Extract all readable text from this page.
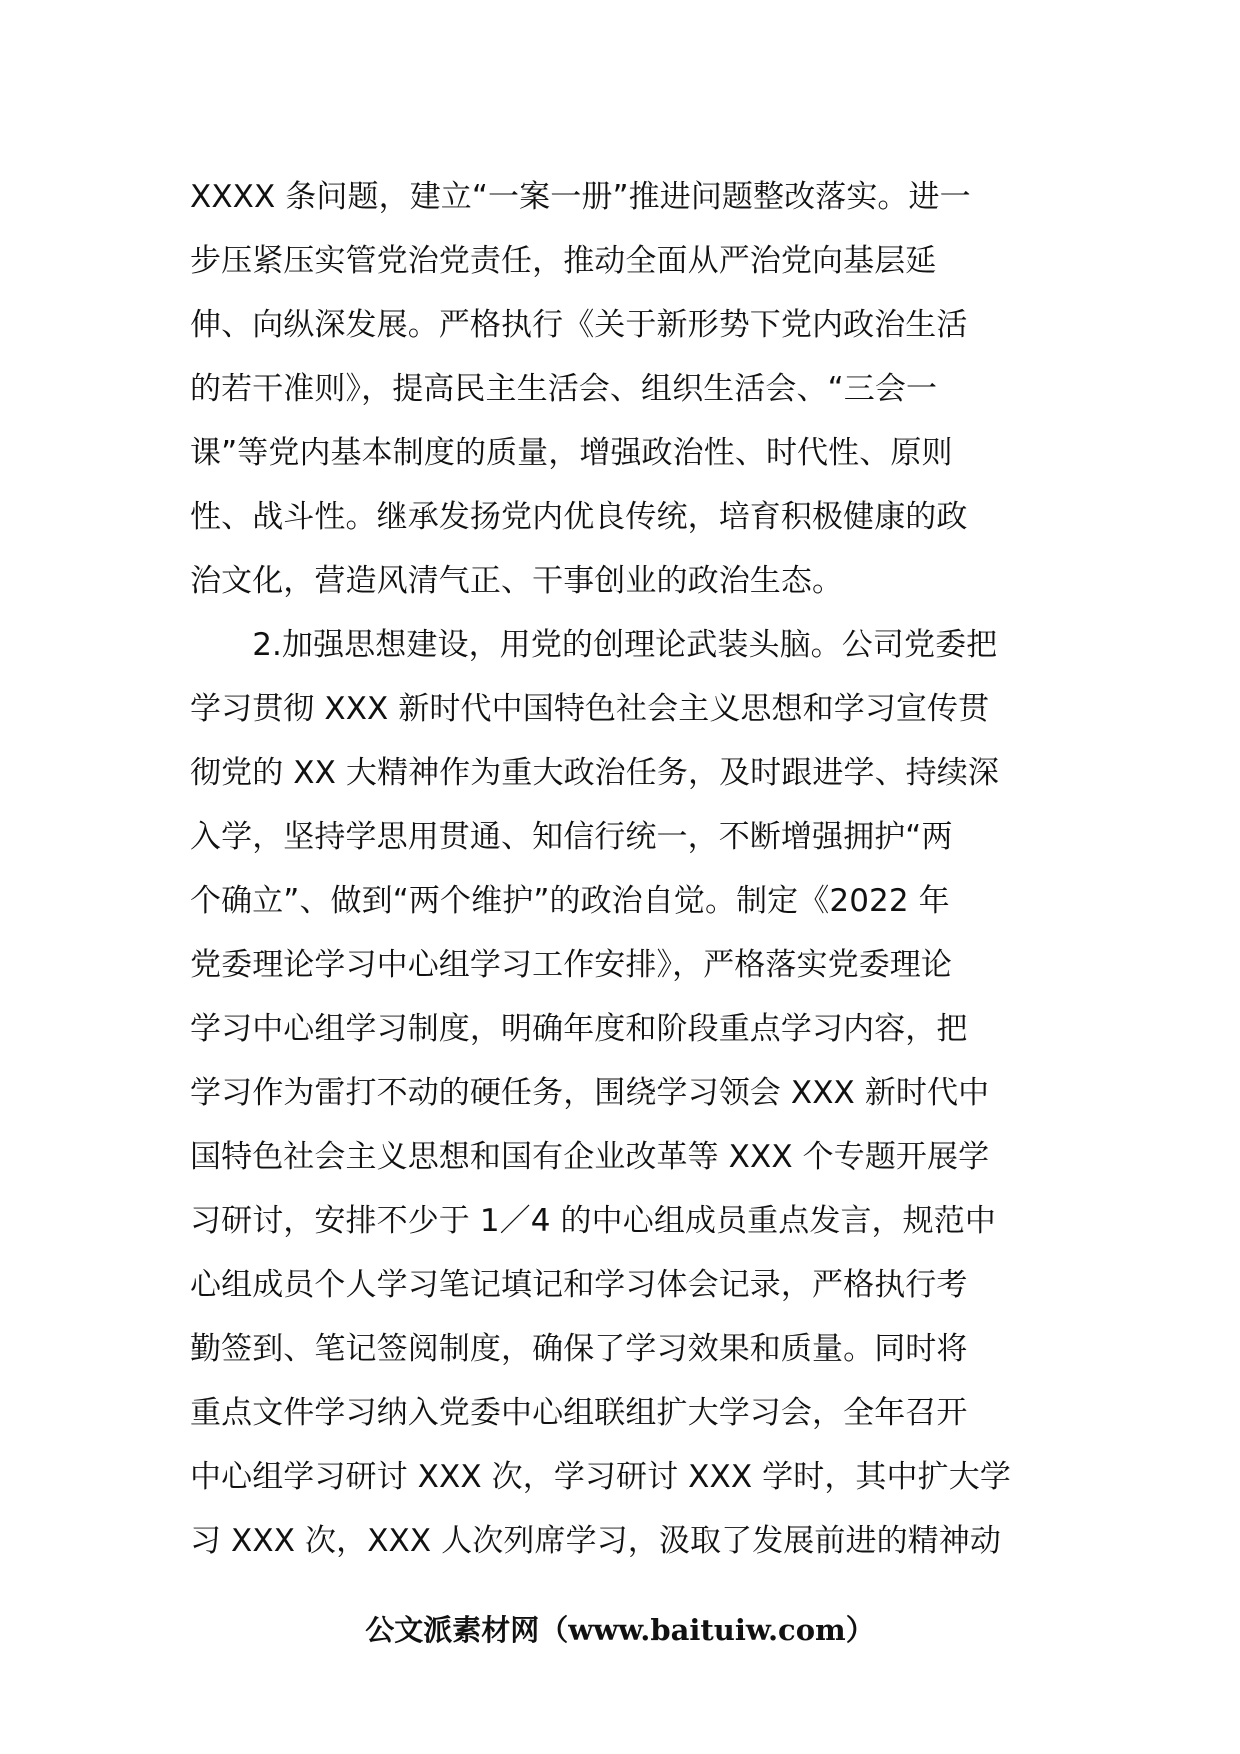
XXXX 条问题，建立“一案一册”推进问题整改落实。进一
步压紧压实管党治党责任，推动全面从严治党向基层延
伸、向纵深发展。严格执行《关于新形势下党内政治生活
的若干准则》，提高民主生活会、组织生活会、“三会一
课”等党内基本制度的质量，增强政治性、时代性、原则
性、战斗性。继承发扬党内优良传统，培育积极健康的政
治文化，营造风清气正、干事创业的政治生态。
　　2.加强思想建设，用党的创理论武装头脑。公司党委把
学习贯彻 XXX 新时代中国特色社会主义思想和学习宣传贯
彻党的 XX 大精神作为重大政治任务，及时跟进学、持续深
入学，坚持学思用贯通、知信行统一，不断增强拥护“两
个确立”、做到“两个维护”的政治自觉。制定《2022 年
党委理论学习中心组学习工作安排》，严格落实党委理论
学习中心组学习制度，明确年度和阶段重点学习内容，把
学习作为雷打不动的硬任务，围绕学习领会 XXX 新时代中
国特色社会主义思想和国有企业改革等 XXX 个专题开展学
习研讨，安排不少于 1／4 的中心组成员重点发言，规范中
心组成员个人学习笔记填记和学习体会记录，严格执行考
勤签到、笔记签阅制度，确保了学习效果和质量。同时将
重点文件学习纳入党委中心组联组扩大学习会，全年召开
中心组学习研讨 XXX 次，学习研讨 XXX 学时，其中扩大学
习 XXX 次，XXX 人次列席学习，汲取了发展前进的精神动
公文派素材网（www.baituiw.com）
